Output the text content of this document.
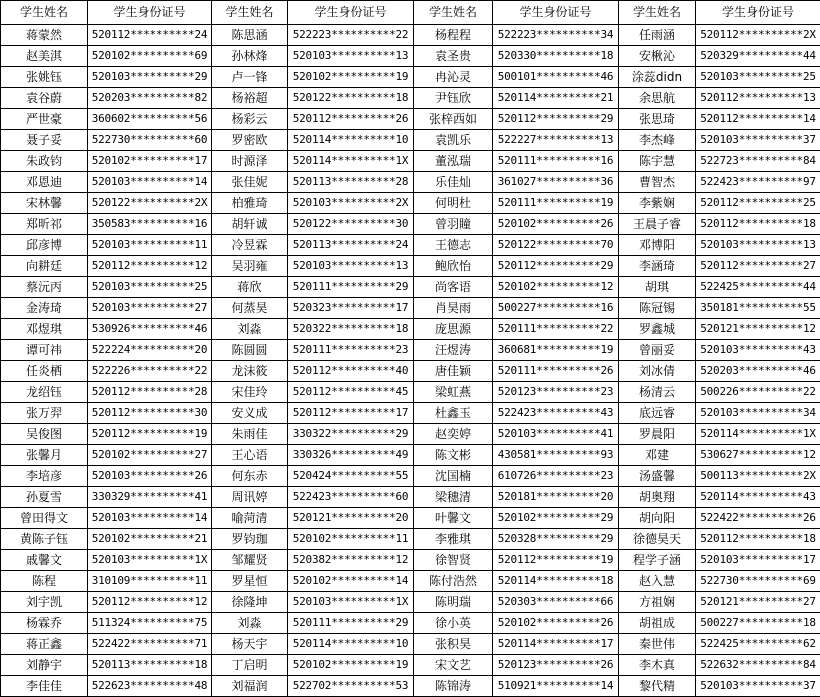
学生姓名	学生身份证号	学生姓名	学生身份证号	学生姓名	学生身份证号	学生姓名	学生身份证号
蒋蒙然	520112**********24	陈思涵	522223**********22	杨程程	522223**********34	任雨涵	520112**********2X
赵美淇	520102**********69	孙林烽	520103**********13	袁圣贵	520330**********18	安楸沁	520329**********44
张姚钰	520103**********29	卢一锋	520102**********19	冉沁灵	500101**********46	涂蕊didn	520103**********25
袁谷蔚	520203**********82	杨裕超	520122**********18	尹钰欣	520114**********21	余思航	520112**********13
严世豪	360602**********56	杨彩云	520112**********26	张梓西如	520112**********29	张思琦	520112**********14
聂子妥	522730**********60	罗密欧	520114**********10	袁凯乐	522227**********13	李杰峰	520103**********37
朱政钧	520102**********17	时源泽	520114**********1X	董泓瑞	520111**********16	陈宇慧	522723**********84
邓恩迪	520103**********14	张佳妮	520113**********28	乐佳灿	361027**********36	曹智杰	522423**********97
宋林馨	520122**********2X	柏雅琦	520103**********2X	何明杜	520111**********19	李紫娴	520112**********25
郑昕祁	350583**********16	胡轩诚	520122**********30	曾羽瞳	520102**********26	王晨子睿	520112**********18
邱彦博	520103**********11	冷昱霖	520113**********24	王德志	520122**********70	邓博阳	520103**********13
向耕廷	520112**********12	吴羽雍	520103**********13	鲍欣怡	520112**********29	李涵琦	520112**********27
蔡沅丙	520103**********25	蒋欣	520111**********29	尚客语	520102**********12	胡琪	522425**********44
金涛琦	520103**********27	何蒸昊	520323**********17	肖昊雨	500227**********16	陈冠锡	350181**********55
邓煜琪	530926**********46	刘淼	520322**********18	庞思源	520111**********22	罗鑫城	520121**********12
谭可祎	522224**********20	陈圆圆	520111**********23	汪煜涛	360681**********19	曾丽妥	520103**********43
任炎栖	522226**********22	龙沫筱	520112**********40	唐佳颖	520111**********26	刘冰倩	520203**********46
龙绍钰	520112**********28	宋佳玲	520112**********45	梁虹燕	520123**********23	杨清云	500226**********22
张万羿	520112**********30	安义成	520112**********17	杜鑫玉	522423**********43	底远睿	520103**********34
吴俊图	520112**********19	朱雨佳	330322**********29	赵奕婷	520103**********41	罗晨阳	520114**********1X
张馨月	520102**********27	王心语	330326**********49	陈文彬	430581**********93	邓建	530627**********12
李培彦	520103**********26	何东赤	520424**********55	沈国楠	610726**********23	汤盛馨	500113**********2X
孙夏雪	330329**********41	周讯婷	522423**********60	梁穗清	520181**********20	胡奥翔	520114**********43
曾田得文	520103**********14	喻菏清	520121**********20	叶馨文	520102**********29	胡向阳	522422**********26
黄陈子钰	520102**********21	罗钧珈	520102**********11	李雅琪	520328**********29	徐德昊天	520112**********18
戚馨文	520103**********1X	邹耀贤	520382**********12	徐智贤	520112**********19	程学子涵	520103**********17
陈程	310109**********11	罗星恒	520102**********14	陈付浩然	520114**********18	赵入慧	522730**********69
刘宇凯	520112**********12	徐隆坤	520103**********1X	陈明瑞	520303**********66	方祖娴	520121**********27
杨霖乔	511324**********75	刘淼	520111**********29	徐小英	520102**********26	胡祖成	500227**********18
蒋正鑫	522422**********71	杨天宇	520114**********10	张积昊	520114**********17	秦世伟	522425**********62
刘静宇	520113**********18	丁启明	520102**********19	宋文艺	520123**********26	李木真	522632**********84
李佳佳	522623**********48	刘福润	522702**********53	陈锦涛	510921**********14	黎代精	520103**********37
